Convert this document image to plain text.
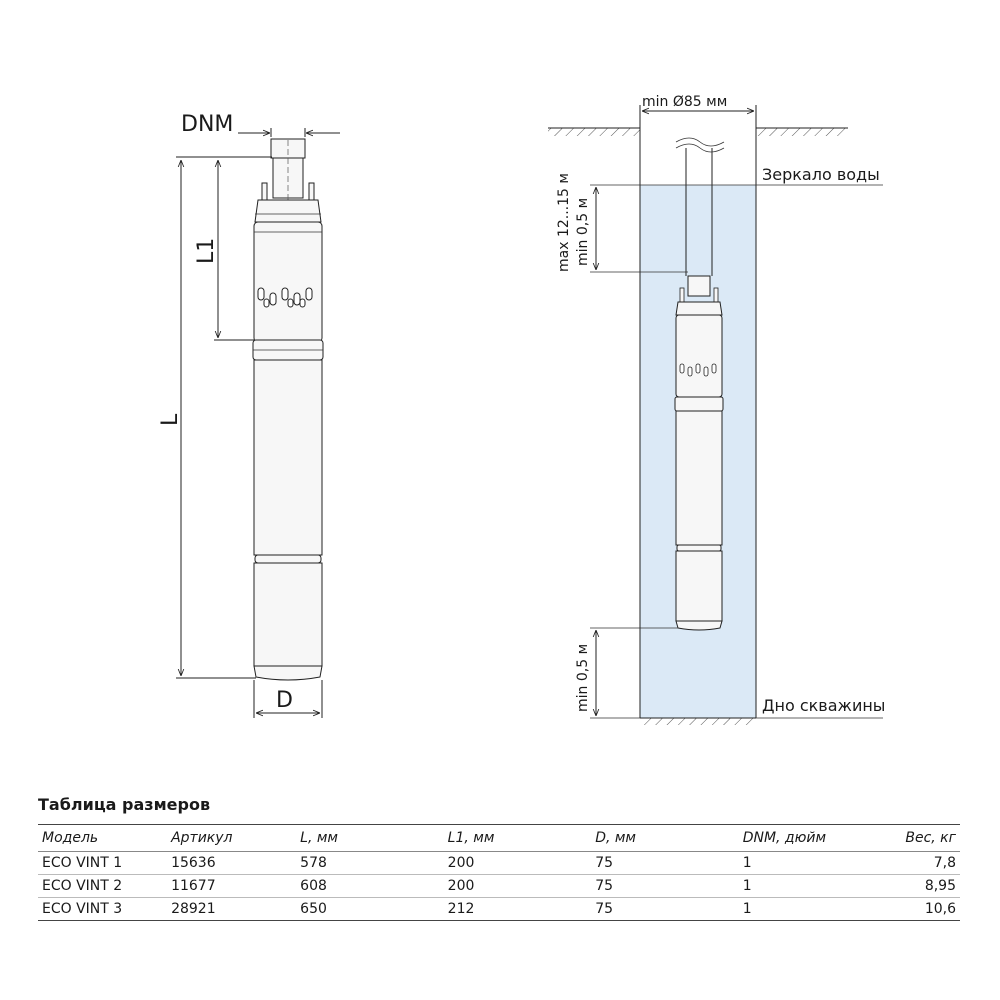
DNM
L1
L
D
min Ø85 мм
max 12...15 м min 0,5 м
min 0,5 м
Зеркало воды
Дно скважины
Таблица размеров
Модель	Артикул	L, мм	L1, мм	D, мм	DNM, дюйм	Вес, кг
ECO VINT 1	15636	578	200	75	1	7,8
ECO VINT 2	11677	608	200	75	1	8,95
ECO VINT 3	28921	650	212	75	1	10,6
